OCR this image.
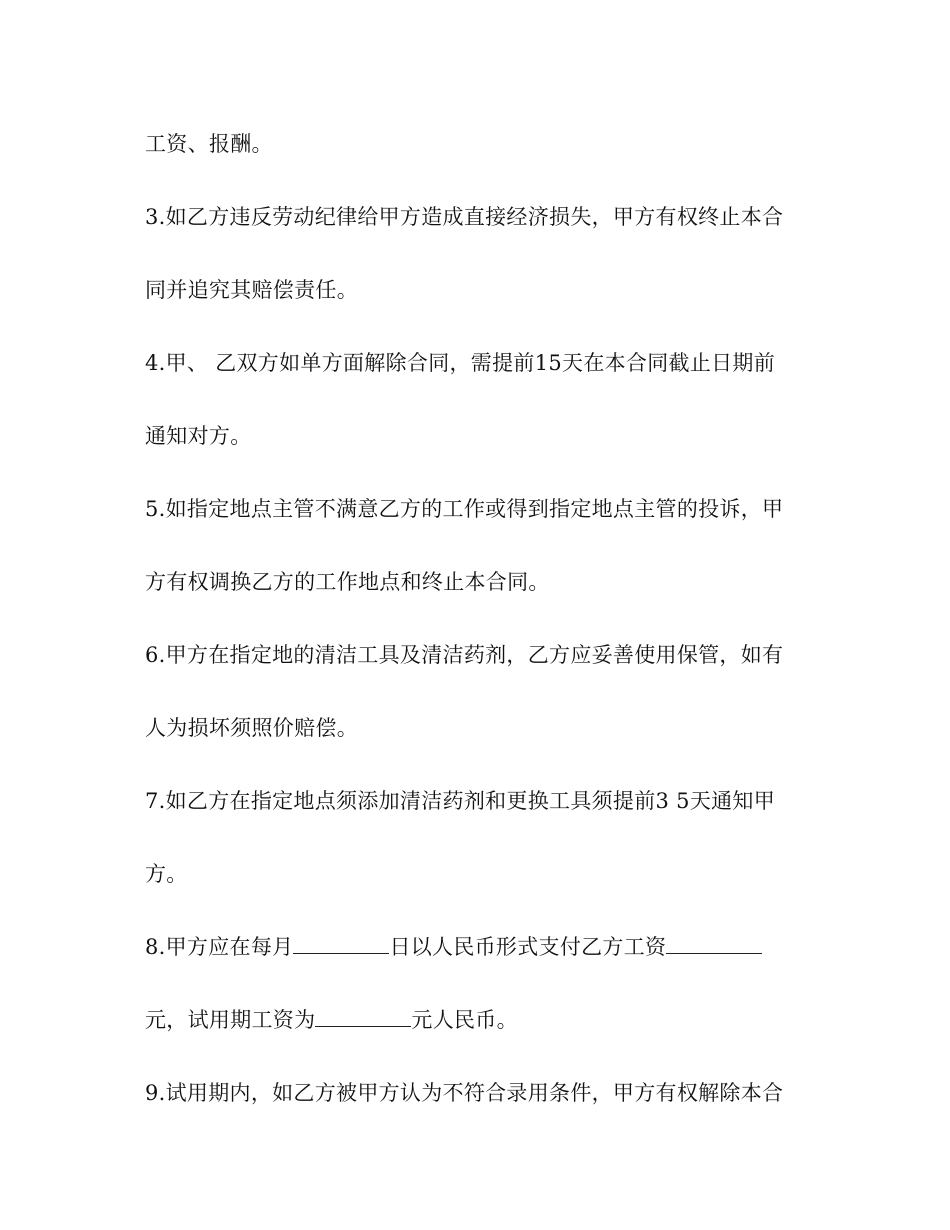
工资、报酬。
3.如乙方违反劳动纪律给甲方造成直接经济损失，甲方有权终止本合
同并追究其赔偿责任。
4.甲、 乙双方如单方面解除合同，需提前15天在本合同截止日期前
通知对方。
5.如指定地点主管不满意乙方的工作或得到指定地点主管的投诉，甲
方有权调换乙方的工作地点和终止本合同。
6.甲方在指定地的清洁工具及清洁药剂，乙方应妥善使用保管，如有
人为损坏须照价赔偿。
7.如乙方在指定地点须添加清洁药剂和更换工具须提前3 5天通知甲
方。
8.甲方应在每月	日以人民币形式支付乙方工资
元，试用期工资为	元人民币。
9.试用期内，如乙方被甲方认为不符合录用条件，甲方有权解除本合
